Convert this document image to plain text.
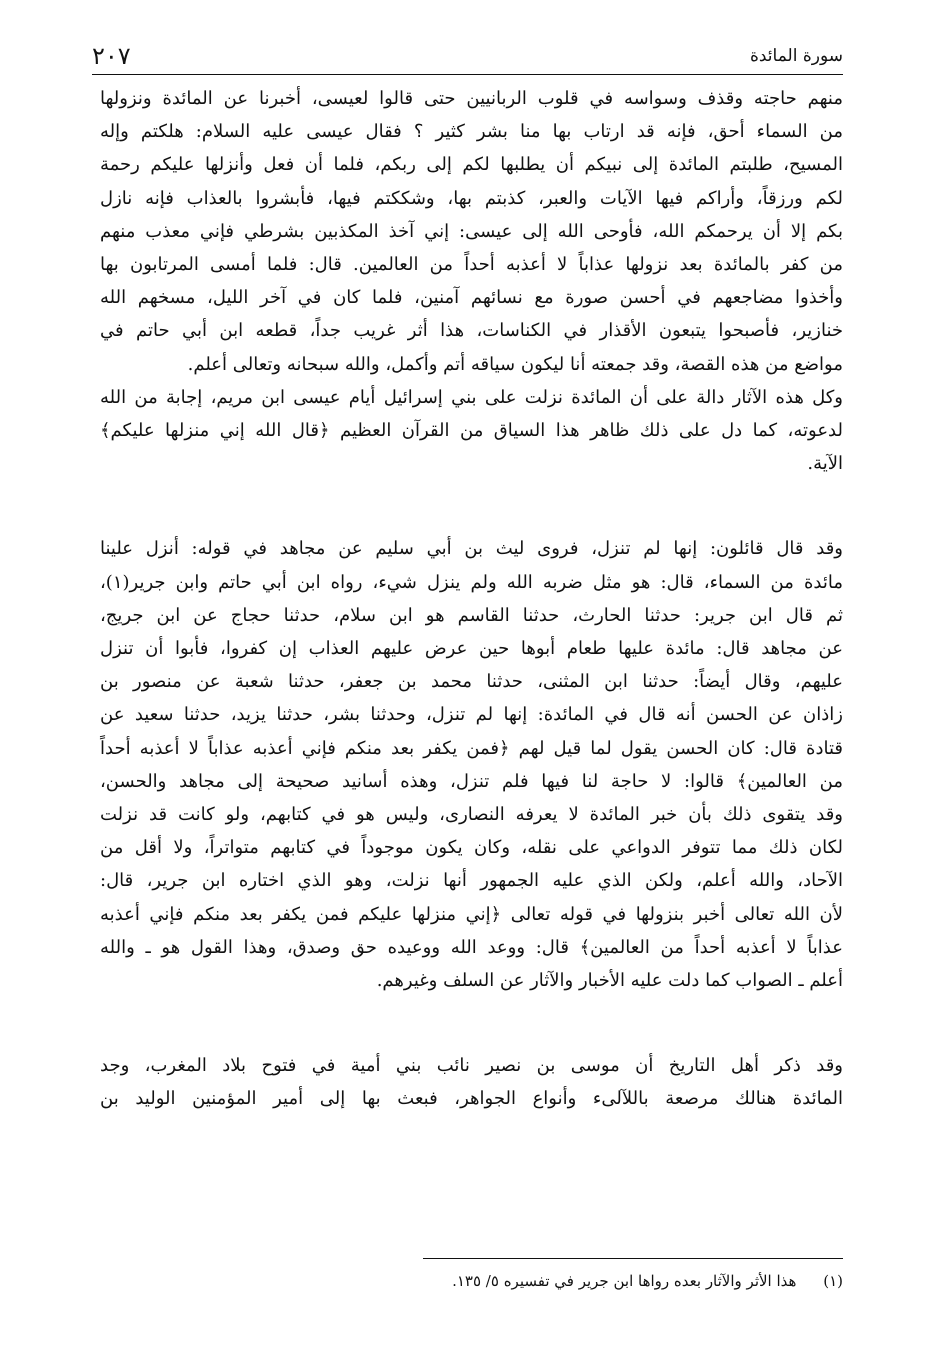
٢٠٧	سورة المائدة
منهم حاجته وقذف وسواسه في قلوب الربانيين حتى قالوا لعيسى، أخبرنا عن المائدة ونزولها
من السماء أحق، فإنه قد ارتاب بها منا بشر كثير ؟ فقال عيسى عليه السلام: هلكتم وإله
المسيح، طلبتم المائدة إلى نبيكم أن يطلبها لكم إلى ربكم، فلما أن فعل وأنزلها عليكم رحمة
لكم ورزقاً، وأراكم فيها الآيات والعبر، كذبتم بها، وشككتم فيها، فأبشروا بالعذاب فإنه نازل
بكم إلا أن يرحمكم الله، فأوحى الله إلى عيسى: إني آخذ المكذبين بشرطي فإني معذب منهم
من كفر بالمائدة بعد نزولها عذاباً لا أعذبه أحداً من العالمين. قال: فلما أمسى المرتابون بها
وأخذوا مضاجعهم في أحسن صورة مع نسائهم آمنين، فلما كان في آخر الليل، مسخهم الله
خنازير، فأصبحوا يتبعون الأقذار في الكناسات، هذا أثر غريب جداً، قطعه ابن أبي حاتم في
مواضع من هذه القصة، وقد جمعته أنا ليكون سياقه أتم وأكمل، والله سبحانه وتعالى أعلم.
وكل هذه الآثار دالة على أن المائدة نزلت على بني إسرائيل أيام عيسى ابن مريم، إجابة من الله
لدعوته، كما دل على ذلك ظاهر هذا السياق من القرآن العظيم ﴿قال الله إني منزلها عليكم﴾
الآية.
وقد قال قائلون: إنها لم تنزل، فروى ليث بن أبي سليم عن مجاهد في قوله: أنزل علينا
مائدة من السماء، قال: هو مثل ضربه الله ولم ينزل شيء، رواه ابن أبي حاتم وابن جرير(١)،
ثم قال ابن جرير: حدثنا الحارث، حدثنا القاسم هو ابن سلام، حدثنا حجاج عن ابن جريج،
عن مجاهد قال: مائدة عليها طعام أبوها حين عرض عليهم العذاب إن كفروا، فأبوا أن تنزل
عليهم، وقال أيضاً: حدثنا ابن المثنى، حدثنا محمد بن جعفر، حدثنا شعبة عن منصور بن
زاذان عن الحسن أنه قال في المائدة: إنها لم تنزل، وحدثنا بشر، حدثنا يزيد، حدثنا سعيد عن
قتادة قال: كان الحسن يقول لما قيل لهم ﴿فمن يكفر بعد منكم فإني أعذبه عذاباً لا أعذبه أحداً
من العالمين﴾ قالوا: لا حاجة لنا فيها فلم تنزل، وهذه أسانيد صحيحة إلى مجاهد والحسن،
وقد يتقوى ذلك بأن خبر المائدة لا يعرفه النصارى، وليس هو في كتابهم، ولو كانت قد نزلت
لكان ذلك مما تتوفر الدواعي على نقله، وكان يكون موجوداً في كتابهم متواتراً، ولا أقل من
الآحاد، والله أعلم، ولكن الذي عليه الجمهور أنها نزلت، وهو الذي اختاره ابن جرير، قال:
لأن الله تعالى أخبر بنزولها في قوله تعالى ﴿إني منزلها عليكم فمن يكفر بعد منكم فإني أعذبه
عذاباً لا أعذبه أحداً من العالمين﴾ قال: ووعد الله ووعيده حق وصدق، وهذا القول هو ـ والله
أعلم ـ الصواب كما دلت عليه الأخبار والآثار عن السلف وغيرهم.
وقد ذكر أهل التاريخ أن موسى بن نصير نائب بني أمية في فتوح بلاد المغرب، وجد
المائدة هنالك مرصعة باللآلىء وأنواع الجواهر، فبعث بها إلى أمير المؤمنين الوليد بن
(١) هذا الأثر والآثار بعده رواها ابن جرير في تفسيره ٥/ ١٣٥.
